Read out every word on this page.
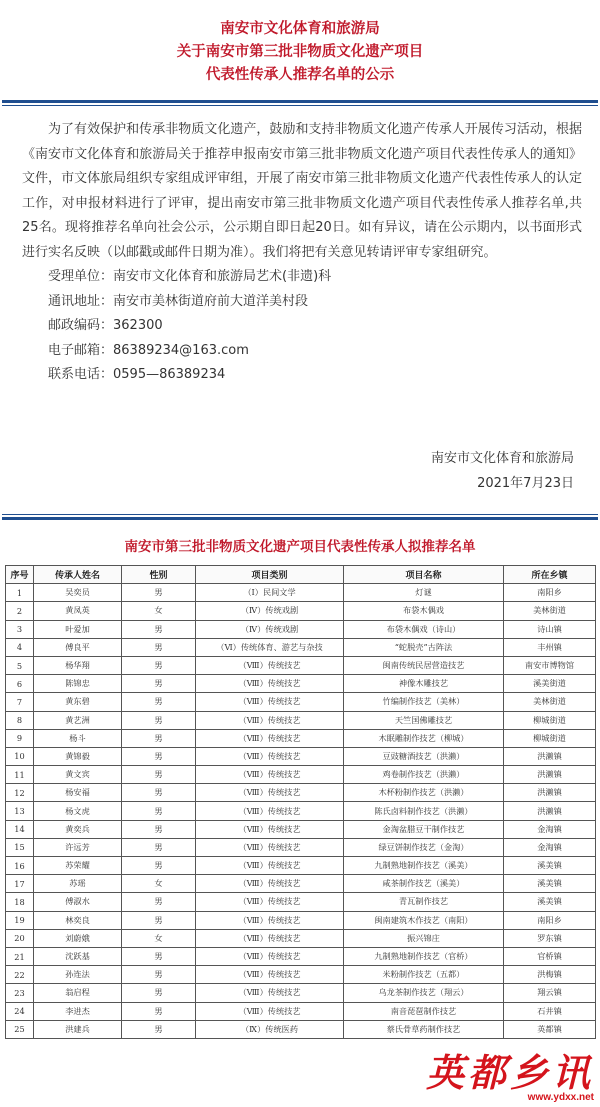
南安市文化体育和旅游局
关于南安市第三批非物质文化遗产项目
代表性传承人推荐名单的公示

为了有效保护和传承非物质文化遗产，鼓励和支持非物质文化遗产传承人开展传习活动，根据《南安市文化体育和旅游局关于推荐申报南安市第三批非物质文化遗产项目代表性传承人的通知》文件，市文体旅局组织专家组成评审组，开展了南安市第三批非物质文化遗产代表性传承人的认定工作，对申报材料进行了评审，提出南安市第三批非物质文化遗产项目代表性传承人推荐名单,共25名。现将推荐名单向社会公示，公示期自即日起20日。如有异议，请在公示期内，以书面形式进行实名反映（以邮戳或邮件日期为准）。我们将把有关意见转请评审专家组研究。

受理单位：南安市文化体育和旅游局艺术(非遗)科
通讯地址：南安市美林街道府前大道洋美村段
邮政编码：362300
电子邮箱：86389234@163.com
联系电话：0595—86389234
南安市文化体育和旅游局
2021年7月23日
南安市第三批非物质文化遗产项目代表性传承人拟推荐名单
序号	传承人姓名	性别	项目类别	项目名称	所在乡镇
1	吴奕员	男	（Ⅰ）民间文学	灯谜	南阳乡
2	黄凤英	女	（Ⅳ）传统戏剧	布袋木偶戏	美林街道
3	叶爱加	男	（Ⅳ）传统戏剧	布袋木偶戏（诗山）	诗山镇
4	傅良平	男	（Ⅵ）传统体育、游艺与杂技	“蛇脱壳”古阵法	丰州镇
5	杨华翔	男	（Ⅷ）传统技艺	闽南传统民居营造技艺	南安市博物馆
6	陈锦忠	男	（Ⅷ）传统技艺	神像木雕技艺	溪美街道
7	黄东碧	男	（Ⅷ）传统技艺	竹编制作技艺（美林）	美林街道
8	黄艺洲	男	（Ⅷ）传统技艺	天竺国佛雕技艺	柳城街道
9	杨斗	男	（Ⅷ）传统技艺	木眠雕制作技艺（柳城）	柳城街道
10	黄锦毅	男	（Ⅷ）传统技艺	豆豉糖酒技艺（洪濑）	洪濑镇
11	黄文宾	男	（Ⅷ）传统技艺	鸡卷制作技艺（洪濑）	洪濑镇
12	杨安福	男	（Ⅷ）传统技艺	木杯粉制作技艺（洪濑）	洪濑镇
13	杨文虎	男	（Ⅷ）传统技艺	陈氏卤料制作技艺（洪濑）	洪濑镇
14	黄奕兵	男	（Ⅷ）传统技艺	金淘盆腊豆干制作技艺	金淘镇
15	许远芳	男	（Ⅷ）传统技艺	绿豆饼制作技艺（金淘）	金淘镇
16	苏荣耀	男	（Ⅷ）传统技艺	九制熟地制作技艺（溪美）	溪美镇
17	苏瑶	女	（Ⅷ）传统技艺	咸茶制作技艺（溪美）	溪美镇
18	傅淑水	男	（Ⅷ）传统技艺	青瓦制作技艺	溪美镇
19	林奕良	男	（Ⅷ）传统技艺	闽南建筑木作技艺（南阳）	南阳乡
20	刘蔚娥	女	（Ⅷ）传统技艺	振兴锦庄	罗东镇
21	沈跃基	男	（Ⅷ）传统技艺	九制熟地制作技艺（官桥）	官桥镇
22	孙连法	男	（Ⅷ）传统技艺	米粉制作技艺（五都）	洪梅镇
23	翁启程	男	（Ⅷ）传统技艺	乌龙茶制作技艺（翔云）	翔云镇
24	李进杰	男	（Ⅷ）传统技艺	南音琵琶制作技艺	石井镇
25	洪建兵	男	（Ⅸ）传统医药	蔡氏骨草药制作技艺	英都镇
英都乡讯
www.ydxx.net
